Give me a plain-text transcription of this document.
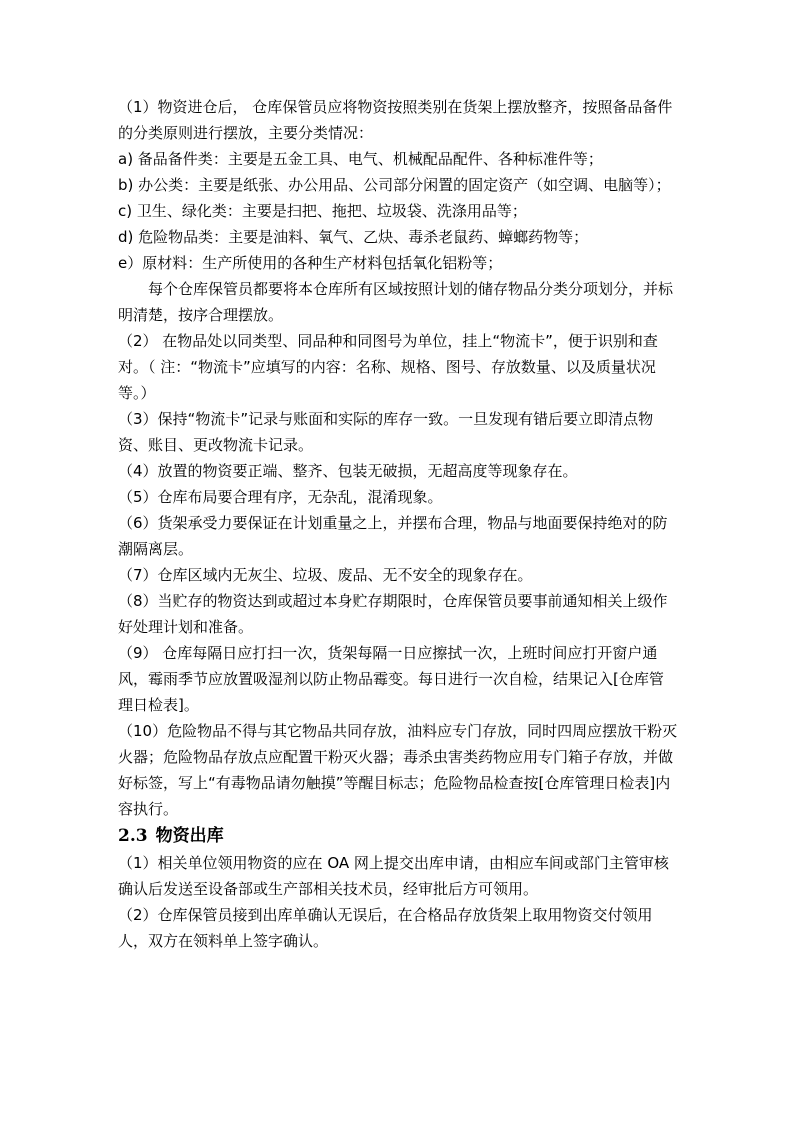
（1）物资进仓后， 仓库保管员应将物资按照类别在货架上摆放整齐，按照备品备件的分类原则进行摆放，主要分类情况：

a) 备品备件类：主要是五金工具、电气、机械配品配件、各种标准件等；

b) 办公类：主要是纸张、办公用品、公司部分闲置的固定资产（如空调、电脑等）；

c) 卫生、绿化类：主要是扫把、拖把、垃圾袋、洗涤用品等；

d) 危险物品类：主要是油料、氧气、乙炔、毒杀老鼠药、蟑螂药物等；

e）原材料：生产所使用的各种生产材料包括氧化铝粉等；

每个仓库保管员都要将本仓库所有区域按照计划的储存物品分类分项划分，并标明清楚，按序合理摆放。

（2） 在物品处以同类型、同品种和同图号为单位，挂上“物流卡”，便于识别和查对。（ 注：“物流卡”应填写的内容：名称、规格、图号、存放数量、以及质量状况等。）

（3）保持“物流卡”记录与账面和实际的库存一致。一旦发现有错后要立即清点物资、账目、更改物流卡记录。

（4）放置的物资要正端、整齐、包装无破损，无超高度等现象存在。

（5）仓库布局要合理有序，无杂乱，混淆现象。

（6）货架承受力要保证在计划重量之上，并摆布合理，物品与地面要保持绝对的防潮隔离层。

（7）仓库区域内无灰尘、垃圾、废品、无不安全的现象存在。

（8）当贮存的物资达到或超过本身贮存期限时，仓库保管员要事前通知相关上级作好处理计划和准备。

（9） 仓库每隔日应打扫一次，货架每隔一日应擦拭一次，上班时间应打开窗户通风，霉雨季节应放置吸湿剂以防止物品霉变。每日进行一次自检，结果记入[仓库管理日检表]。

（10）危险物品不得与其它物品共同存放，油料应专门存放，同时四周应摆放干粉灭火器；危险物品存放点应配置干粉灭火器；毒杀虫害类药物应用专门箱子存放，并做好标签，写上“有毒物品请勿触摸”等醒目标志；危险物品检查按[仓库管理日检表]内容执行。

2.3 物资出库

（1）相关单位领用物资的应在 OA 网上提交出库申请，由相应车间或部门主管审核确认后发送至设备部或生产部相关技术员，经审批后方可领用。

（2）仓库保管员接到出库单确认无误后，在合格品存放货架上取用物资交付领用人，双方在领料单上签字确认。
